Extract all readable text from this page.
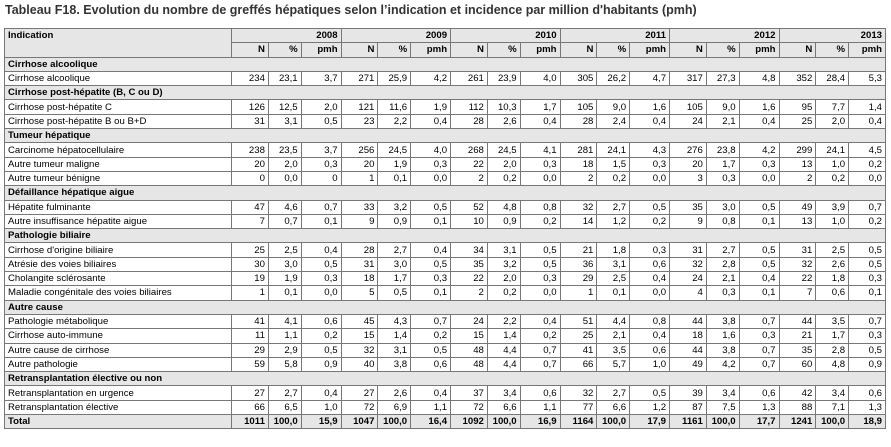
Tableau F18. Evolution du nombre de greffés hépatiques selon l’indication et incidence par million d'habitants (pmh)
Indication	2008			2009			2010			2011			2012			2013		
	N	%	pmh	N	%	pmh	N	%	pmh	N	%	pmh	N	%	pmh	N	%	pmh
Cirrhose alcoolique																		
Cirrhose alcoolique	234	23,1	3,7	271	25,9	4,2	261	23,9	4,0	305	26,2	4,7	317	27,3	4,8	352	28,4	5,3
Cirrhose post-hépatite (B, C ou D)																		
Cirrhose post-hépatite C	126	12,5	2,0	121	11,6	1,9	112	10,3	1,7	105	9,0	1,6	105	9,0	1,6	95	7,7	1,4
Cirrhose post-hépatite B ou B+D	31	3,1	0,5	23	2,2	0,4	28	2,6	0,4	28	2,4	0,4	24	2,1	0,4	25	2,0	0,4
Tumeur hépatique																		
Carcinome hépatocellulaire	238	23,5	3,7	256	24,5	4,0	268	24,5	4,1	281	24,1	4,3	276	23,8	4,2	299	24,1	4,5
Autre tumeur maligne	20	2,0	0,3	20	1,9	0,3	22	2,0	0,3	18	1,5	0,3	20	1,7	0,3	13	1,0	0,2
Autre tumeur bénigne	0	0,0	0	1	0,1	0,0	2	0,2	0,0	2	0,2	0,0	3	0,3	0,0	2	0,2	0,0
Défaillance hépatique aigue																		
Hépatite fulminante	47	4,6	0,7	33	3,2	0,5	52	4,8	0,8	32	2,7	0,5	35	3,0	0,5	49	3,9	0,7
Autre insuffisance hépatite aigue	7	0,7	0,1	9	0,9	0,1	10	0,9	0,2	14	1,2	0,2	9	0,8	0,1	13	1,0	0,2
Pathologie biliaire																		
Cirrhose d'origine biliaire	25	2,5	0,4	28	2,7	0,4	34	3,1	0,5	21	1,8	0,3	31	2,7	0,5	31	2,5	0,5
Atrésie des voies biliaires	30	3,0	0,5	31	3,0	0,5	35	3,2	0,5	36	3,1	0,6	32	2,8	0,5	32	2,6	0,5
Cholangite sclérosante	19	1,9	0,3	18	1,7	0,3	22	2,0	0,3	29	2,5	0,4	24	2,1	0,4	22	1,8	0,3
Maladie congénitale des voies biliaires	1	0,1	0,0	5	0,5	0,1	2	0,2	0,0	1	0,1	0,0	4	0,3	0,1	7	0,6	0,1
Autre cause																		
Pathologie métabolique	41	4,1	0,6	45	4,3	0,7	24	2,2	0,4	51	4,4	0,8	44	3,8	0,7	44	3,5	0,7
Cirrhose auto-immune	11	1,1	0,2	15	1,4	0,2	15	1,4	0,2	25	2,1	0,4	18	1,6	0,3	21	1,7	0,3
Autre cause de cirrhose	29	2,9	0,5	32	3,1	0,5	48	4,4	0,7	41	3,5	0,6	44	3,8	0,7	35	2,8	0,5
Autre pathologie	59	5,8	0,9	40	3,8	0,6	48	4,4	0,7	66	5,7	1,0	49	4,2	0,7	60	4,8	0,9
Retransplantation élective ou non																		
Retransplantation en urgence	27	2,7	0,4	27	2,6	0,4	37	3,4	0,6	32	2,7	0,5	39	3,4	0,6	42	3,4	0,6
Retransplantation élective	66	6,5	1,0	72	6,9	1,1	72	6,6	1,1	77	6,6	1,2	87	7,5	1,3	88	7,1	1,3
Total	1011	100,0	15,9	1047	100,0	16,4	1092	100,0	16,9	1164	100,0	17,9	1161	100,0	17,7	1241	100,0	18,9
